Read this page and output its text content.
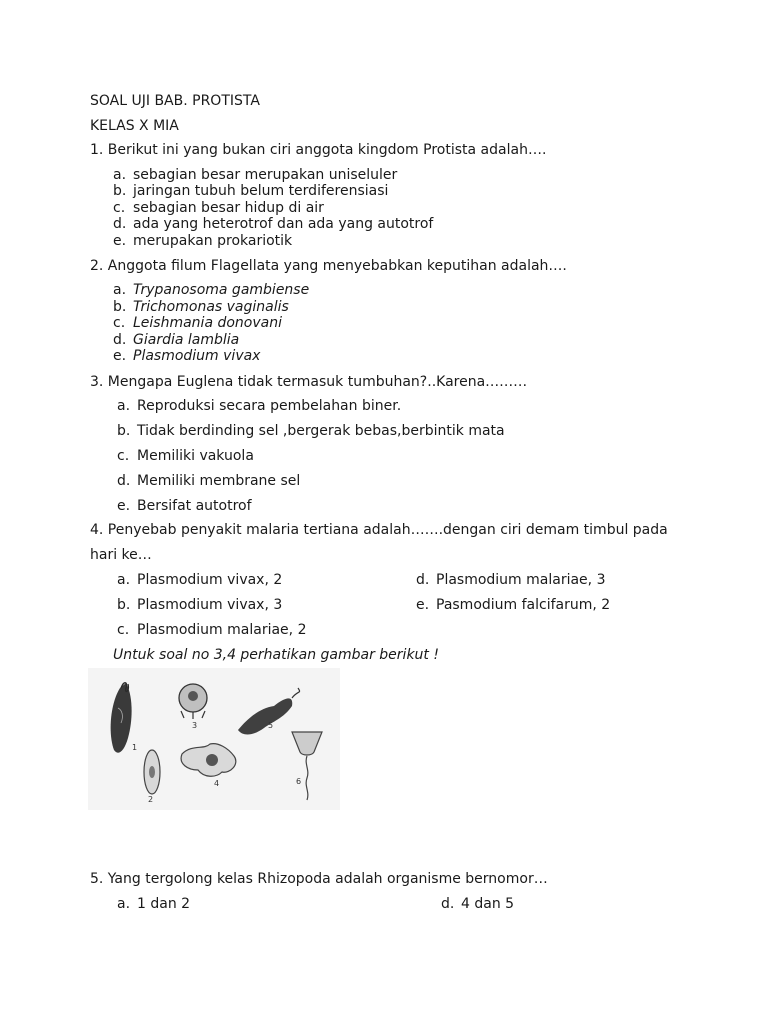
SOAL UJI BAB. PROTISTA
KELAS X MIA
1. Berikut ini yang bukan ciri anggota kingdom Protista adalah….
a. sebagian besar merupakan uniseluler
b. jaringan tubuh belum terdiferensiasi
c. sebagian besar hidup di air
d. ada yang heterotrof dan ada yang autotrof
e. merupakan prokariotik
2. Anggota filum Flagellata yang menyebabkan keputihan adalah….
a. Trypanosoma gambiense
b. Trichomonas vaginalis
c. Leishmania donovani
d. Giardia lamblia
e. Plasmodium vivax
3. Mengapa Euglena tidak termasuk tumbuhan?..Karena………
a. Reproduksi secara pembelahan biner.
b. Tidak berdinding sel ,bergerak bebas,berbintik mata
c. Memiliki vakuola
d. Memiliki membrane sel
e. Bersifat autotrof
4. Penyebab penyakit malaria tertiana adalah…….dengan ciri demam timbul pada
hari ke…
a. Plasmodium vivax, 2
b. Plasmodium vivax, 3
c. Plasmodium malariae, 2
d. Plasmodium malariae, 3
e. Pasmodium falcifarum, 2
Untuk soal no 3,4 perhatikan gambar berikut !
1
2
3
4
5
6
5. Yang tergolong kelas Rhizopoda adalah organisme bernomor…
a. 1 dan 2	d. 4 dan 5
